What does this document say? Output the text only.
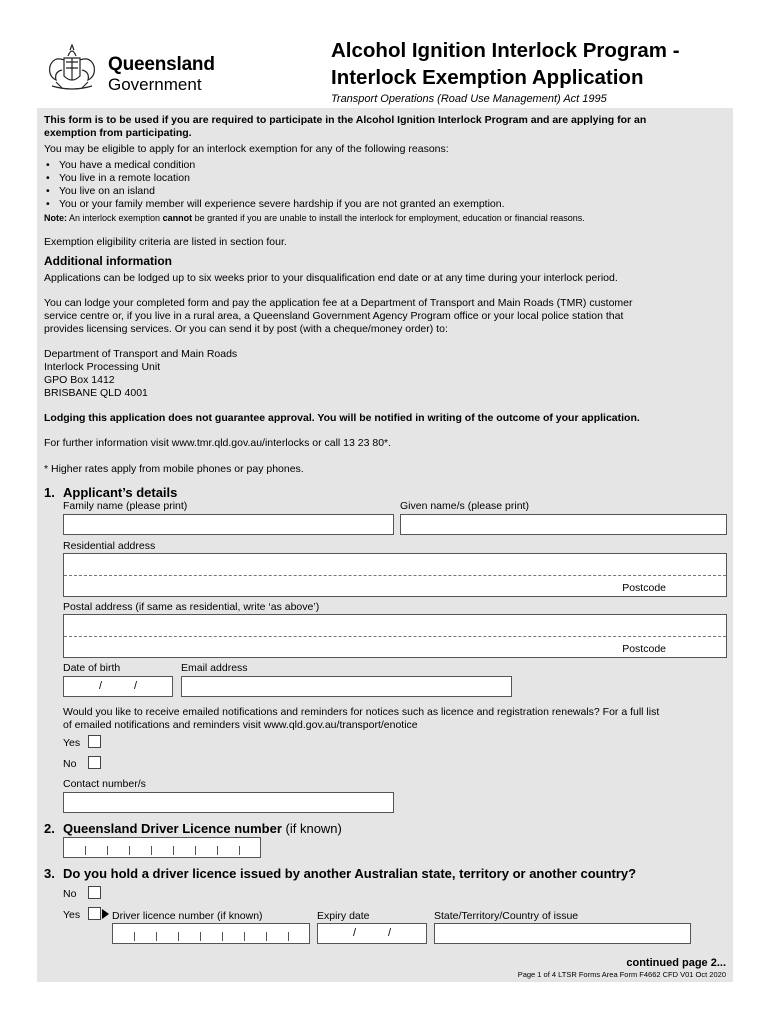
Queensland
Government
Alcohol Ignition Interlock Program -
Interlock Exemption Application
Transport Operations (Road Use Management) Act 1995
This form is to be used if you are required to participate in the Alcohol Ignition Interlock Program and are applying for an
exemption from participating.
You may be eligible to apply for an interlock exemption for any of the following reasons:
• You have a medical condition
• You live in a remote location
• You live on an island
• You or your family member will experience severe hardship if you are not granted an exemption.
Note: An interlock exemption cannot be granted if you are unable to install the interlock for employment, education or financial reasons.
Exemption eligibility criteria are listed in section four.
Additional information
Applications can be lodged up to six weeks prior to your disqualification end date or at any time during your interlock period.
You can lodge your completed form and pay the application fee at a Department of Transport and Main Roads (TMR) customer
service centre or, if you live in a rural area, a Queensland Government Agency Program office or your local police station that
provides licensing services. Or you can send it by post (with a cheque/money order) to:
Department of Transport and Main Roads
Interlock Processing Unit
GPO Box 1412
BRISBANE QLD 4001
Lodging this application does not guarantee approval. You will be notified in writing of the outcome of your application.
For further information visit www.tmr.qld.gov.au/interlocks or call 13 23 80*.
* Higher rates apply from mobile phones or pay phones.
1. Applicant’s details
Family name (please print)	Given name/s (please print)
Residential address
Postcode
Postal address (if same as residential, write ‘as above’)
Postcode
Date of birth
/	/
Email address
Would you like to receive emailed notifications and reminders for notices such as licence and registration renewals? For a full list
of emailed notifications and reminders visit www.qld.gov.au/transport/enotice
Yes
No
Contact number/s
2. Queensland Driver Licence number (if known)
3. Do you hold a driver licence issued by another Australian state, territory or another country?
No
Yes	Driver licence number (if known)	Expiry date
/	/
State/Territory/Country of issue
continued page 2...
Page 1 of 4 LTSR Forms Area Form F4662 CFD V01 Oct 2020
